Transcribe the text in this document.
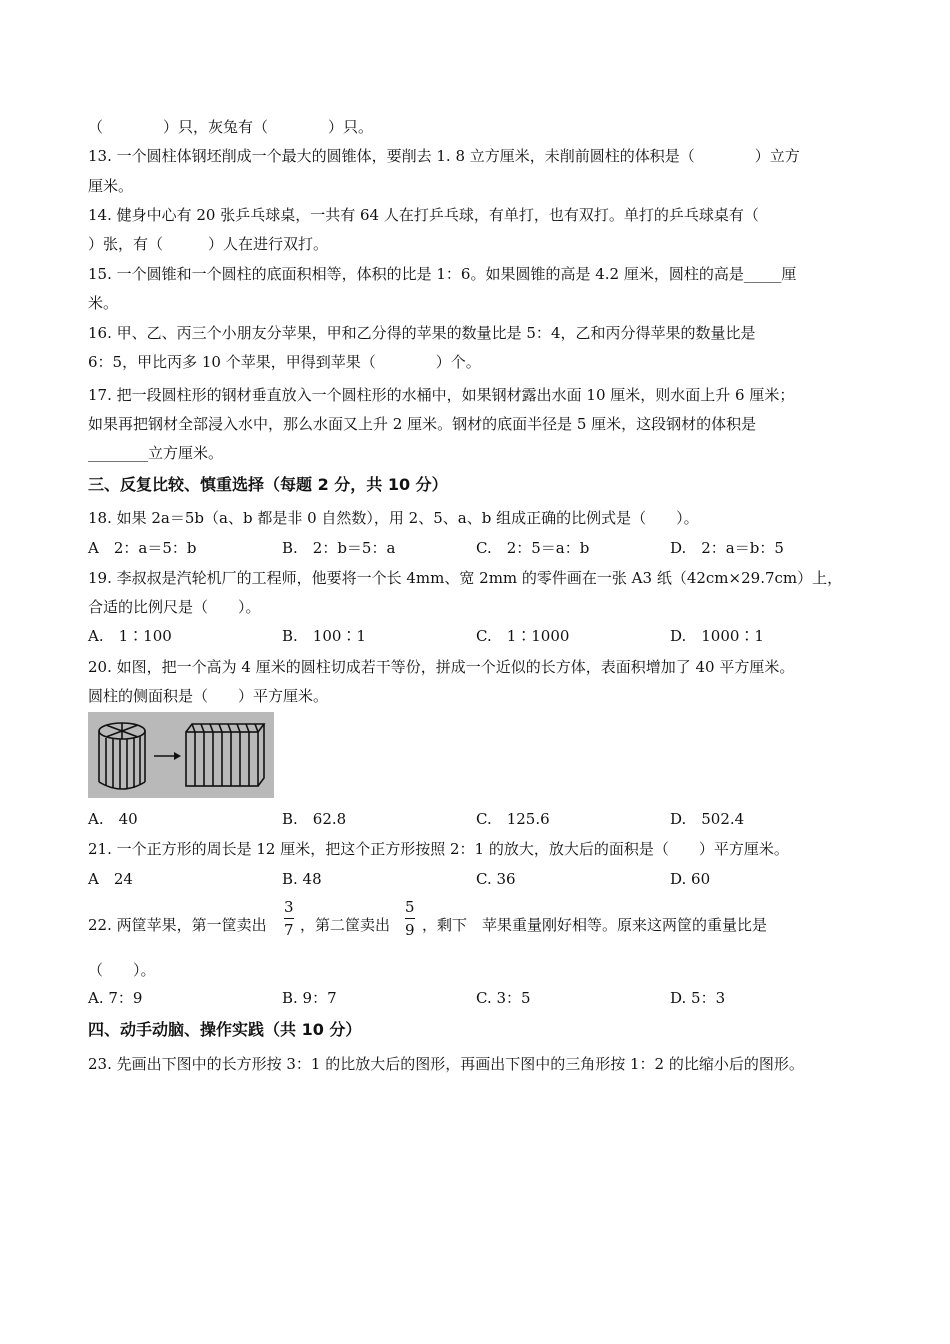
（　　　　）只，灰兔有（　　　　）只。
13. 一个圆柱体钢坯削成一个最大的圆锥体，要削去 1. 8 立方厘米，未削前圆柱的体积是（　　　　）立方
厘米。
14. 健身中心有 20 张乒乓球桌，一共有 64 人在打乒乓球，有单打，也有双打。单打的乒乓球桌有（
）张，有（　　　）人在进行双打。
15. 一个圆锥和一个圆柱的底面积相等，体积的比是 1：6。如果圆锥的高是 4.2 厘米，圆柱的高是_____厘
米。
16. 甲、乙、丙三个小朋友分苹果，甲和乙分得的苹果的数量比是 5：4，乙和丙分得苹果的数量比是
6：5，甲比丙多 10 个苹果，甲得到苹果（　　　　）个。
17. 把一段圆柱形的钢材垂直放入一个圆柱形的水桶中，如果钢材露出水面 10 厘米，则水面上升 6 厘米；
如果再把钢材全部浸入水中，那么水面又上升 2 厘米。钢材的底面半径是 5 厘米，这段钢材的体积是
________立方厘米。
三、反复比较、慎重选择（每题 2 分，共 10 分）
18. 如果 2a＝5b（a、b 都是非 0 自然数），用 2、5、a、b 组成正确的比例式是（　　）。
A　2：a＝5：b	B.　2：b＝5：a	C.　2：5＝a：b	D.　2：a＝b：5
19. 李叔叔是汽轮机厂的工程师，他要将一个长 4mm、宽 2mm 的零件画在一张 A3 纸（42cm×29.7cm）上，
合适的比例尺是（　　）。
A.　1∶100	B.　100∶1	C.　1∶1000	D.　1000∶1
20. 如图，把一个高为 4 厘米的圆柱切成若干等份，拼成一个近似的长方体，表面积增加了 40 平方厘米。
圆柱的侧面积是（　　）平方厘米。
A.　40	B.　62.8	C.　125.6	D.　502.4
21. 一个正方形的周长是 12 厘米，把这个正方形按照 2：1 的放大，放大后的面积是（　　）平方厘米。
A　24	B. 48	C. 36	D. 60
22. 两筐苹果，第一筐卖出
3
7 ，第二筐卖出
5
9 ，剩下　苹果重量刚好相等。原来这两筐的重量比是
（　　）。
A. 7：9	B. 9：7	C. 3：5	D. 5：3
四、动手动脑、操作实践（共 10 分）
23. 先画出下图中的长方形按 3：1 的比放大后的图形，再画出下图中的三角形按 1：2 的比缩小后的图形。
